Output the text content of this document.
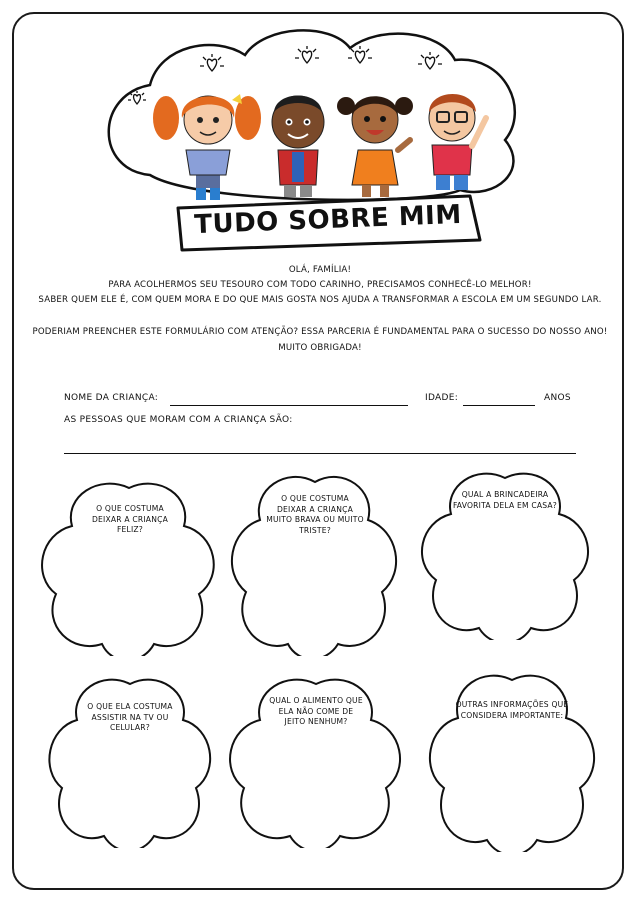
TUDO SOBRE MIM
OLÁ, FAMÍLIA!
PARA ACOLHERMOS SEU TESOURO COM TODO CARINHO, PRECISAMOS CONHECÊ-LO MELHOR!
SABER QUEM ELE É, COM QUEM MORA E DO QUE MAIS GOSTA NOS AJUDA A TRANSFORMAR A ESCOLA EM UM SEGUNDO LAR.
PODERIAM PREENCHER ESTE FORMULÁRIO COM ATENÇÃO? ESSA PARCERIA É FUNDAMENTAL PARA O SUCESSO DO NOSSO ANO!
MUITO OBRIGADA!
NOME DA CRIANÇA:	IDADE:	ANOS
AS PESSOAS QUE MORAM COM A CRIANÇA SÃO:
O QUE COSTUMA DEIXAR A CRIANÇA FELIZ?
O QUE COSTUMA DEIXAR A CRIANÇA MUITO BRAVA OU MUITO TRISTE?
QUAL A BRINCADEIRA FAVORITA DELA EM CASA?
O QUE ELA COSTUMA ASSISTIR NA TV OU CELULAR?
QUAL O ALIMENTO QUE ELA NÃO COME DE JEITO NENHUM?
OUTRAS INFORMAÇÕES QUE CONSIDERA IMPORTANTE:
